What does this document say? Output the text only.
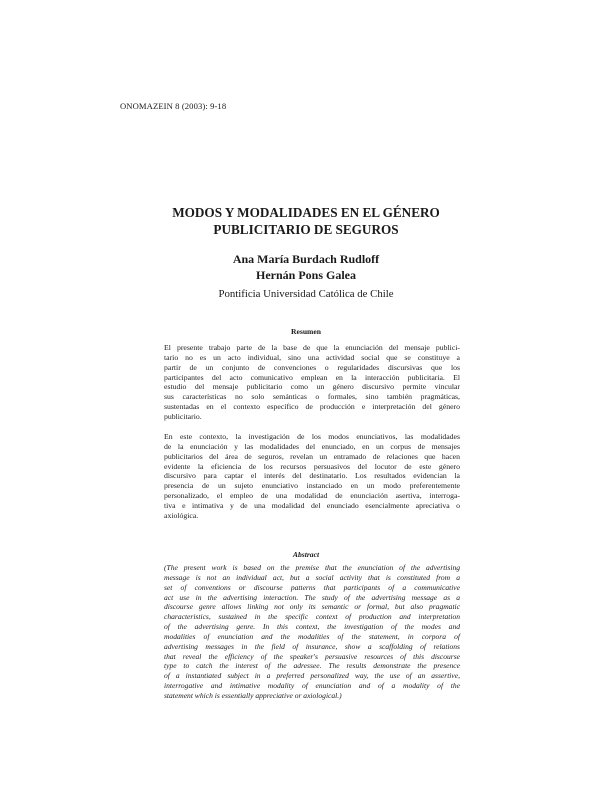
ONOMAZEIN 8 (2003): 9-18
MODOS Y MODALIDADES EN EL GÉNERO
PUBLICITARIO DE SEGUROS
Ana María Burdach Rudloff
Hernán Pons Galea
Pontificia Universidad Católica de Chile
Resumen
El presente trabajo parte de la base de que la enunciación del mensaje publici-
tario no es un acto individual, sino una actividad social que se constituye a
partir de un conjunto de convenciones o regularidades discursivas que los
participantes del acto comunicativo emplean en la interacción publicitaria. El
estudio del mensaje publicitario como un género discursivo permite vincular
sus características no solo semánticas o formales, sino también pragmáticas,
sustentadas en el contexto específico de producción e interpretación del género
publicitario.
En este contexto, la investigación de los modos enunciativos, las modalidades
de la enunciación y las modalidades del enunciado, en un corpus de mensajes
publicitarios del área de seguros, revelan un entramado de relaciones que hacen
evidente la eficiencia de los recursos persuasivos del locutor de este género
discursivo para captar el interés del destinatario. Los resultados evidencian la
presencia de un sujeto enunciativo instanciado en un modo preferentemente
personalizado, el empleo de una modalidad de enunciación asertiva, interroga-
tiva e intimativa y de una modalidad del enunciado esencialmente apreciativa o
axiológica.
Abstract
(The present work is based on the premise that the enunciation of the advertising
message is not an individual act, but a social activity that is constituted from a
set of conventions or discourse patterns that participants of a communicative
act use in the advertising interaction. The study of the advertising message as a
discourse genre allows linking not only its semantic or formal, but also pragmatic
characteristics, sustained in the specific context of production and interpretation
of the advertising genre. In this context, the investigation of the modes and
modalities of enunciation and the modalities of the statement, in corpora of
advertising messages in the field of insurance, show a scaffolding of relations
that reveal the efficiency of the speaker's persuasive resources of this discourse
type to catch the interest of the adressee. The results demonstrate the presence
of a instantiated subject in a preferred personalized way, the use of an assertive,
interrogative and intimative modality of enunciation and of a modality of the
statement which is essentially appreciative or axiological.)
